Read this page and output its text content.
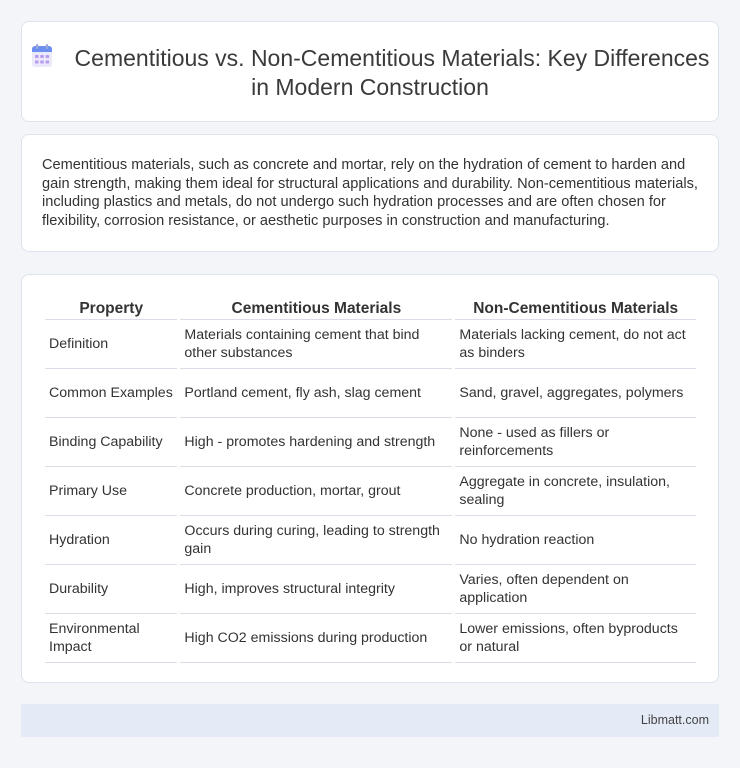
Cementitious vs. Non-Cementitious Materials: Key Differences in Modern Construction

Cementitious materials, such as concrete and mortar, rely on the hydration of cement to harden and gain strength, making them ideal for structural applications and durability. Non-cementitious materials, including plastics and metals, do not undergo such hydration processes and are often chosen for flexibility, corrosion resistance, or aesthetic purposes in construction and manufacturing.

Property	Cementitious Materials	Non-Cementitious Materials
Definition	Materials containing cement that bind other substances	Materials lacking cement, do not act as binders
Common Examples	Portland cement, fly ash, slag cement	Sand, gravel, aggregates, polymers
Binding Capability	High - promotes hardening and strength	None - used as fillers or reinforcements
Primary Use	Concrete production, mortar, grout	Aggregate in concrete, insulation, sealing
Hydration	Occurs during curing, leading to strength gain	No hydration reaction
Durability	High, improves structural integrity	Varies, often dependent on application
Environmental Impact	High CO2 emissions during production	Lower emissions, often byproducts or natural
Libmatt.com
